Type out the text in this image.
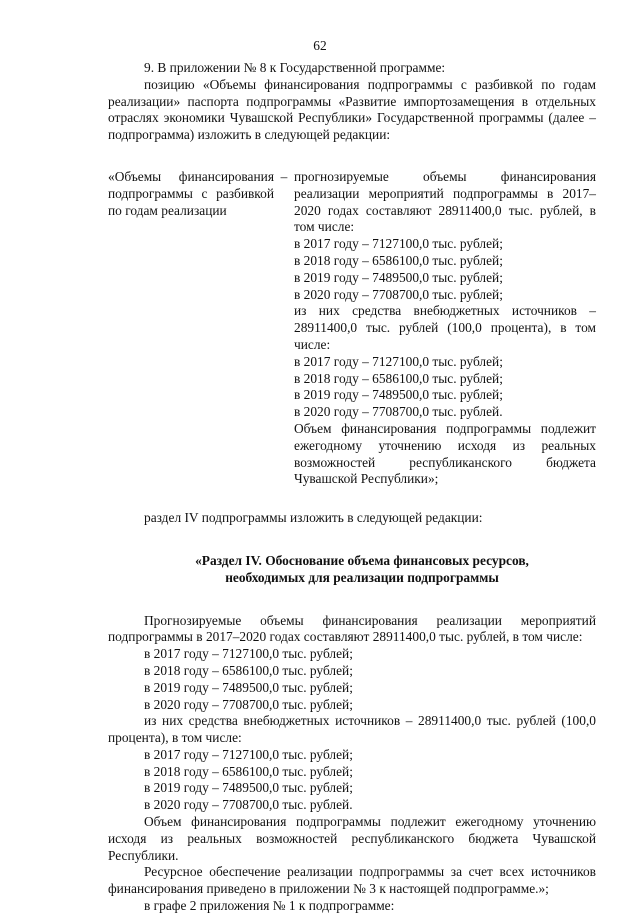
62

9. В приложении № 8 к Государственной программе:

позицию «Объемы финансирования подпрограммы с разбивкой по годам реализации» паспорта подпрограммы «Развитие импортозамещения в отдельных отраслях экономики Чувашской Республики» Государственной программы (далее – подпрограмма) изложить в следующей редакции:

«Объемы финансирования подпрограммы с разбивкой по годам реализации
– прогнозируемые объемы финансирования реализации мероприятий подпрограммы в 2017–2020 годах составляют 28911400,0 тыс. рублей, в том числе:

в 2017 году – 7127100,0 тыс. рублей;

в 2018 году – 6586100,0 тыс. рублей;

в 2019 году – 7489500,0 тыс. рублей;

в 2020 году – 7708700,0 тыс. рублей;

из них средства внебюджетных источников – 28911400,0 тыс. рублей (100,0 процента), в том числе:

в 2017 году – 7127100,0 тыс. рублей;

в 2018 году – 6586100,0 тыс. рублей;

в 2019 году – 7489500,0 тыс. рублей;

в 2020 году – 7708700,0 тыс. рублей.

Объем финансирования подпрограммы подлежит ежегодному уточнению исходя из реальных возможностей республиканского бюджета Чувашской Республики»;

раздел IV подпрограммы изложить в следующей редакции:

«Раздел IV. Обоснование объема финансовых ресурсов,
необходимых для реализации подпрограммы

Прогнозируемые объемы финансирования реализации мероприятий подпрограммы в 2017–2020 годах составляют 28911400,0 тыс. рублей, в том числе:

в 2017 году – 7127100,0 тыс. рублей;

в 2018 году – 6586100,0 тыс. рублей;

в 2019 году – 7489500,0 тыс. рублей;

в 2020 году – 7708700,0 тыс. рублей;

из них средства внебюджетных источников – 28911400,0 тыс. рублей (100,0 процента), в том числе:

в 2017 году – 7127100,0 тыс. рублей;

в 2018 году – 6586100,0 тыс. рублей;

в 2019 году – 7489500,0 тыс. рублей;

в 2020 году – 7708700,0 тыс. рублей.

Объем финансирования подпрограммы подлежит ежегодному уточнению исходя из реальных возможностей республиканского бюджета Чувашской Республики.

Ресурсное обеспечение реализации подпрограммы за счет всех источников финансирования приведено в приложении № 3 к настоящей подпрограмме.»;

в графе 2 приложения № 1 к подпрограмме:
